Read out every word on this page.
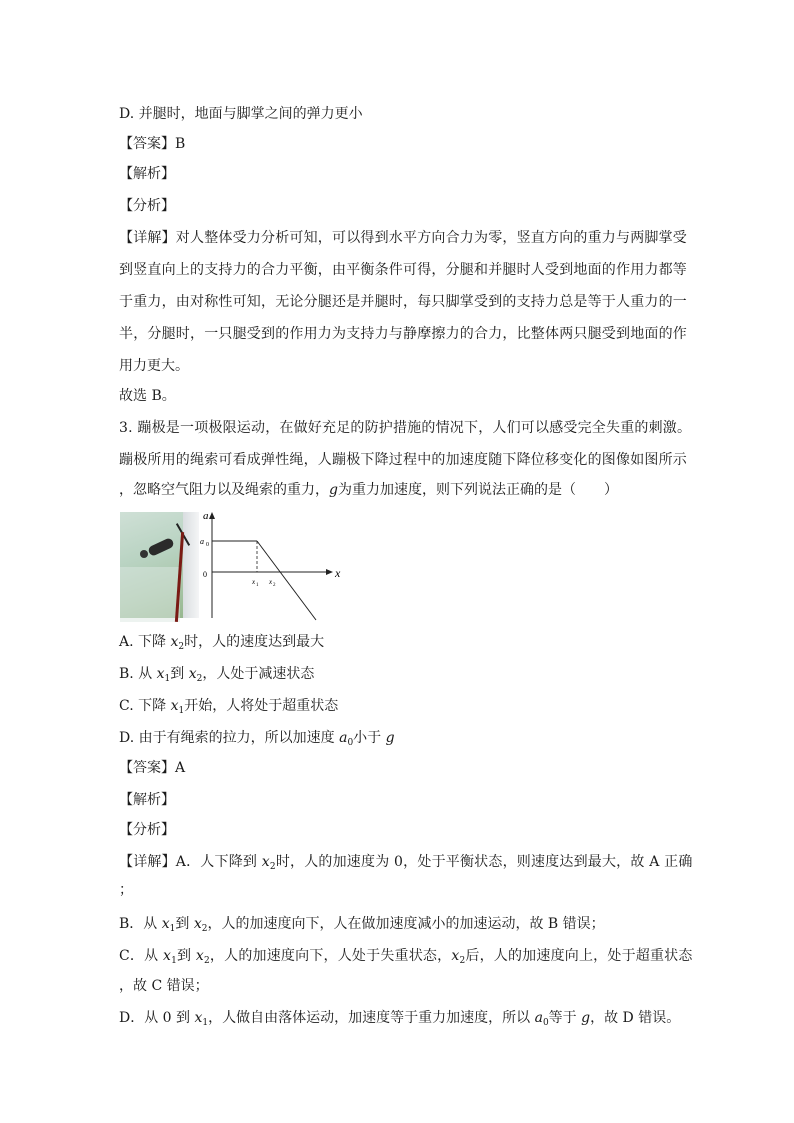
D. 并腿时，地面与脚掌之间的弹力更小
【答案】B
【解析】
【分析】
【详解】对人整体受力分析可知，可以得到水平方向合力为零，竖直方向的重力与两脚掌受
到竖直向上的支持力的合力平衡，由平衡条件可得，分腿和并腿时人受到地面的作用力都等
于重力，由对称性可知，无论分腿还是并腿时，每只脚掌受到的支持力总是等于人重力的一
半，分腿时，一只腿受到的作用力为支持力与静摩擦力的合力，比整体两只腿受到地面的作
用力更大。
故选 B。
3. 蹦极是一项极限运动，在做好充足的防护措施的情况下，人们可以感受完全失重的刺激。
蹦极所用的绳索可看成弹性绳，人蹦极下降过程中的加速度随下降位移变化的图像如图所示
，忽略空气阻力以及绳索的重力，g为重力加速度，则下列说法正确的是（　　）
a
x
a 0
0
x 1 x 2
A. 下降 $x_2$时，人的速度达到最大
B. 从 $x_1$到 $x_2$，人处于减速状态
C. 下降 $x_1$开始，人将处于超重状态
D. 由于有绳索的拉力，所以加速度 $a_0$小于 g
【答案】A
【解析】
【分析】
【详解】A．人下降到 $x_2$时，人的加速度为 0，处于平衡状态，则速度达到最大，故 A 正确
；
B．从 $x_1$到 $x_2$，人的加速度向下，人在做加速度减小的加速运动，故 B 错误；
C．从 $x_1$到 $x_2$，人的加速度向下，人处于失重状态，$x_2$后，人的加速度向上，处于超重状态
，故 C 错误；
D．从 0 到 $x_1$，人做自由落体运动，加速度等于重力加速度，所以 $a_0$等于 g，故 D 错误。
